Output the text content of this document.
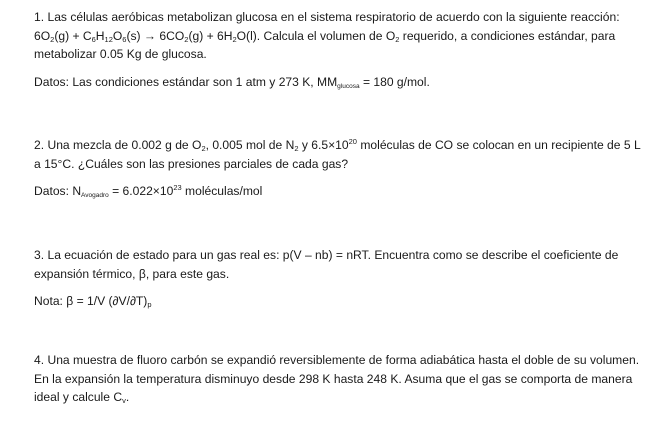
1. Las células aeróbicas metabolizan glucosa en el sistema respiratorio de acuerdo con la siguiente reacción: $6O_2(g) + C_6H_{12}O_6(s) \to 6CO_2(g) + 6H_2O(l)$. Calcula el volumen de $O_2$ requerido, a condiciones estándar, para metabolizar 0.05 Kg de glucosa.

Datos: Las condiciones estándar son 1 atm y 273 K, $MM_{glucosa} = 180$ g/mol.

2. Una mezcla de 0.002 g de $O_2$, 0.005 mol de $N_2$ y $6.5\times 10^{20}$ moléculas de CO se colocan en un recipiente de 5 L a 15°C. ¿Cuáles son las presiones parciales de cada gas?

Datos: $N_{Avogadro} = 6.022\times 10^{23}$ moléculas/mol

3. La ecuación de estado para un gas real es: p(V – nb) = nRT. Encuentra como se describe el coeficiente de expansión térmico, β, para este gas.

Nota: β = 1/V $(\partial V/\partial T)_p$

4. Una muestra de fluoro carbón se expandió reversiblemente de forma adiabática hasta el doble de su volumen. En la expansión la temperatura disminuyo desde 298 K hasta 248 K. Asuma que el gas se comporta de manera ideal y calcule $C_v$.
